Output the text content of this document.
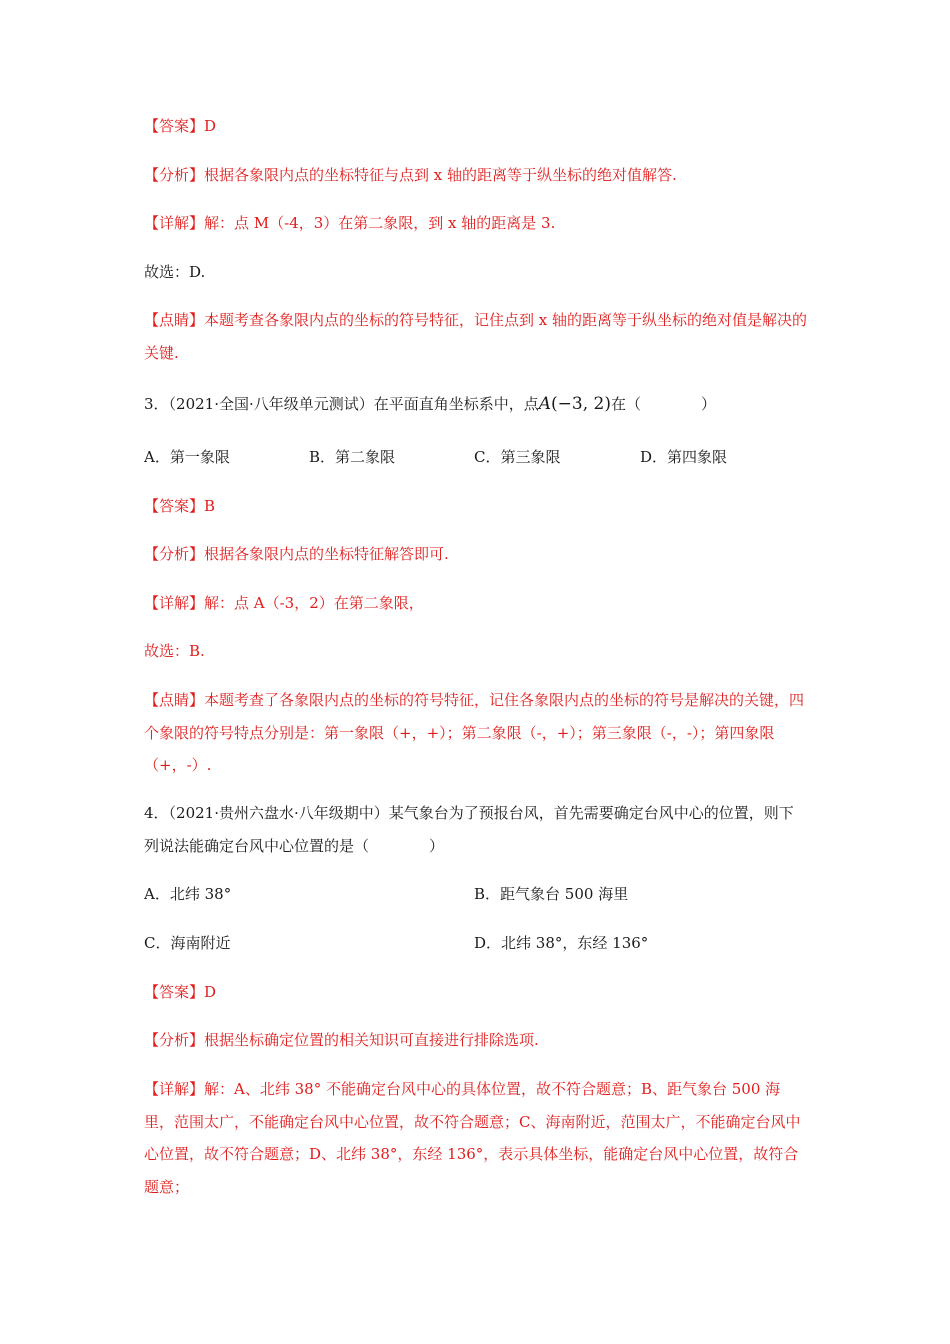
【答案】D
【分析】根据各象限内点的坐标特征与点到 x 轴的距离等于纵坐标的绝对值解答.
【详解】解：点 M（-4，3）在第二象限，到 x 轴的距离是 3.
故选：D.
【点睛】本题考查各象限内点的坐标的符号特征，记住点到 x 轴的距离等于纵坐标的绝对值是解决的关键.
3．（2021·全国·八年级单元测试）在平面直角坐标系中，点A(−3, 2)在（　　　　）
A．第一象限	B．第二象限	C．第三象限	D．第四象限
【答案】B
【分析】根据各象限内点的坐标特征解答即可.
【详解】解：点 A（-3，2）在第二象限，
故选：B.
【点睛】本题考查了各象限内点的坐标的符号特征，记住各象限内点的坐标的符号是解决的关键，四个象限的符号特点分别是：第一象限（+，+）；第二象限（-，+）；第三象限（-，-）；第四象限（+，-）.
4．（2021·贵州六盘水·八年级期中）某气象台为了预报台风，首先需要确定台风中心的位置，则下列说法能确定台风中心位置的是（　　　　）
A．北纬 38°	B．距气象台 500 海里
C．海南附近	D．北纬 38°，东经 136°
【答案】D
【分析】根据坐标确定位置的相关知识可直接进行排除选项.
【详解】解：A、北纬 38° 不能确定台风中心的具体位置，故不符合题意；B、距气象台 500 海里，范围太广，不能确定台风中心位置，故不符合题意；C、海南附近，范围太广，不能确定台风中心位置，故不符合题意；D、北纬 38°，东经 136°，表示具体坐标，能确定台风中心位置，故符合题意；
